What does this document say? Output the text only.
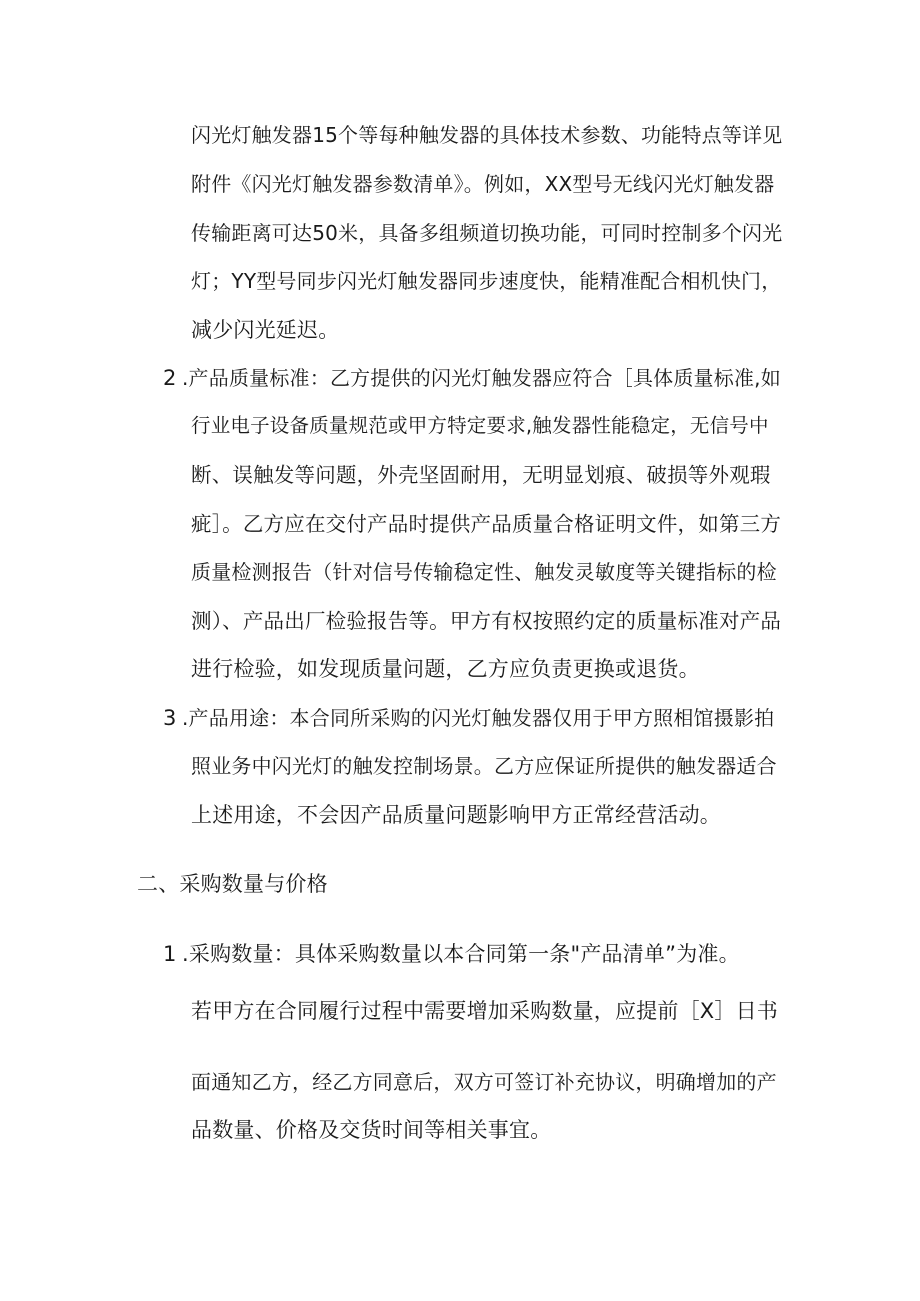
闪光灯触发器15个等每种触发器的具体技术参数、功能特点等详见
附件《闪光灯触发器参数清单》。例如，XX型号无线闪光灯触发器
传输距离可达50米，具备多组频道切换功能，可同时控制多个闪光
灯；YY型号同步闪光灯触发器同步速度快，能精准配合相机快门，
减少闪光延迟。
2 .产品质量标准：乙方提供的闪光灯触发器应符合［具体质量标准,如
行业电子设备质量规范或甲方特定要求,触发器性能稳定，无信号中
断、误触发等问题，外壳坚固耐用，无明显划痕、破损等外观瑕
疵］。乙方应在交付产品时提供产品质量合格证明文件，如第三方
质量检测报告（针对信号传输稳定性、触发灵敏度等关键指标的检
测）、产品出厂检验报告等。甲方有权按照约定的质量标准对产品
进行检验，如发现质量问题，乙方应负责更换或退货。
3 .产品用途：本合同所采购的闪光灯触发器仅用于甲方照相馆摄影拍
照业务中闪光灯的触发控制场景。乙方应保证所提供的触发器适合
上述用途，不会因产品质量问题影响甲方正常经营活动。
二、采购数量与价格
1 .采购数量：具体采购数量以本合同第一条"产品清单”为准。
若甲方在合同履行过程中需要增加采购数量，应提前［X］日书
面通知乙方，经乙方同意后，双方可签订补充协议，明确增加的产
品数量、价格及交货时间等相关事宜。
